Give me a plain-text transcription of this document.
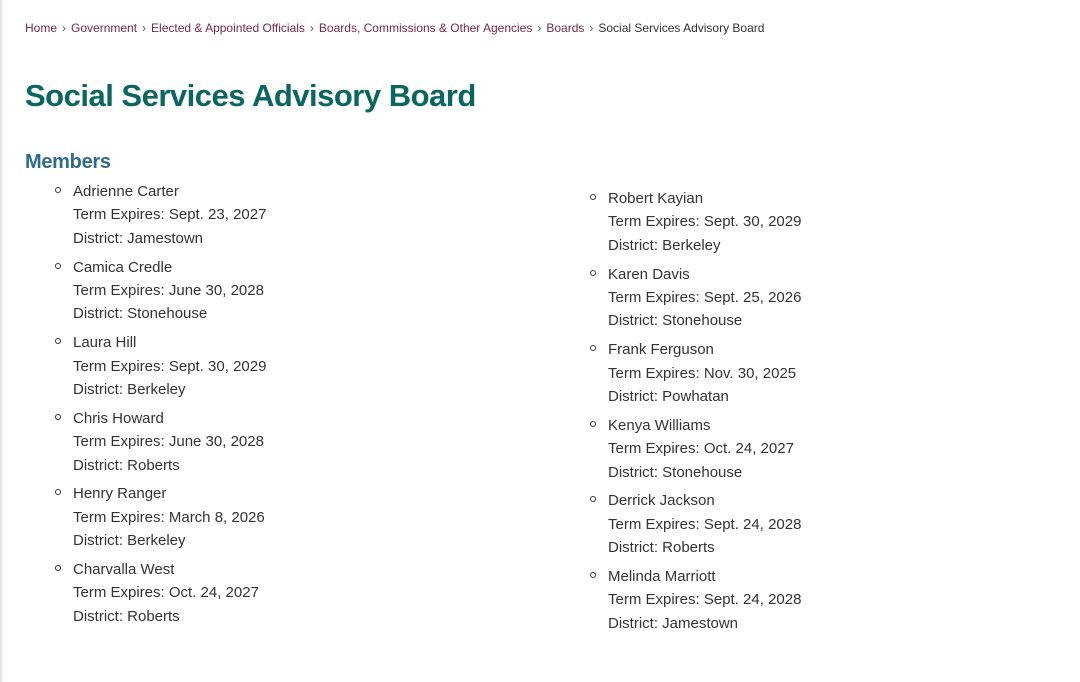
Home › Government › Elected & Appointed Officials › Boards, Commissions & Other Agencies › Boards › Social Services Advisory Board
Social Services Advisory Board
Members
Adrienne Carter
Term Expires: Sept. 23, 2027
District: Jamestown
Camica Credle
Term Expires: June 30, 2028
District: Stonehouse
Laura Hill
Term Expires: Sept. 30, 2029
District: Berkeley
Chris Howard
Term Expires: June 30, 2028
District: Roberts
Henry Ranger
Term Expires: March 8, 2026
District: Berkeley
Charvalla West
Term Expires: Oct. 24, 2027
District: Roberts
Robert Kayian
Term Expires: Sept. 30, 2029
District: Berkeley
Karen Davis
Term Expires: Sept. 25, 2026
District: Stonehouse
Frank Ferguson
Term Expires: Nov. 30, 2025
District: Powhatan
Kenya Williams
Term Expires: Oct. 24, 2027
District: Stonehouse
Derrick Jackson
Term Expires: Sept. 24, 2028
District: Roberts
Melinda Marriott
Term Expires: Sept. 24, 2028
District: Jamestown
